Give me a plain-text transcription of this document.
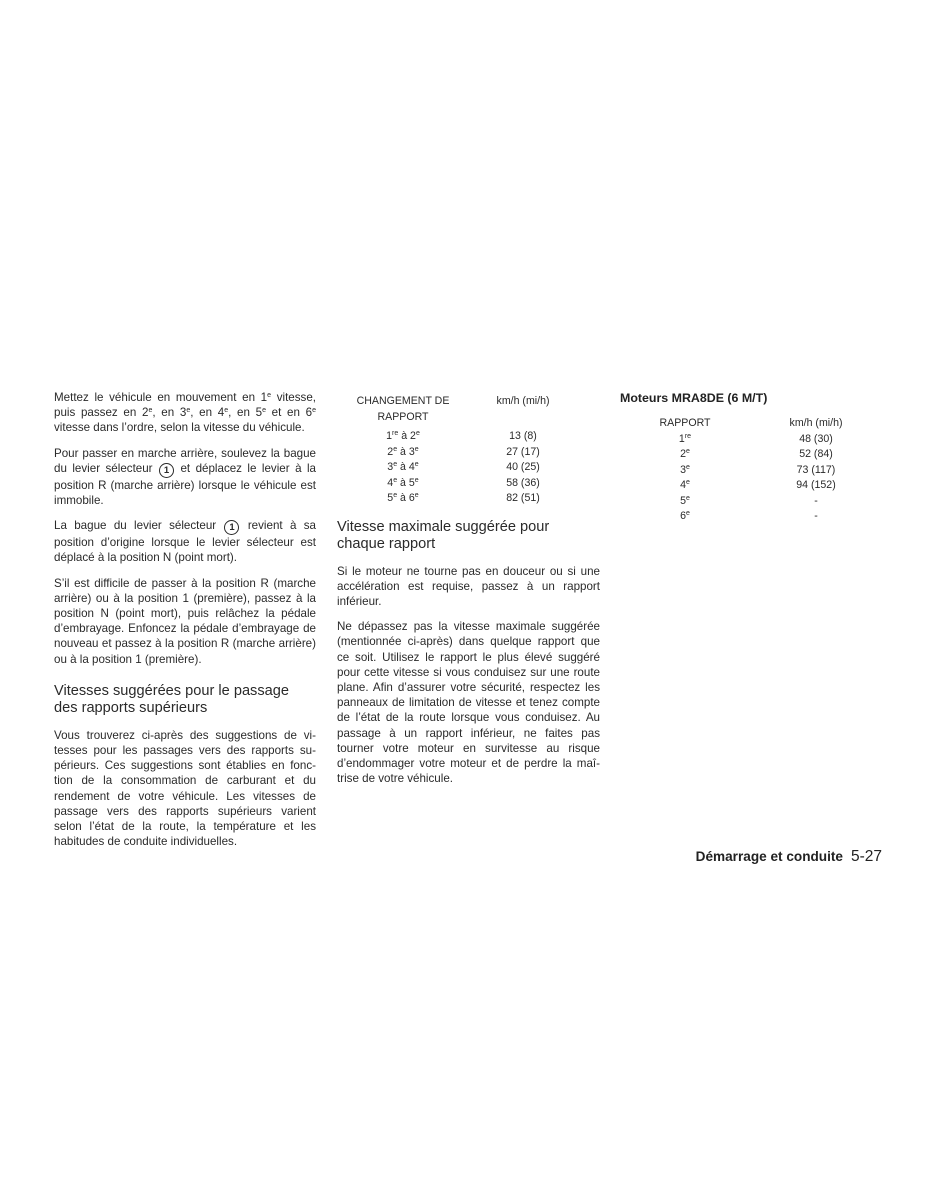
Mettez le véhicule en mouvement en 1e vitesse, puis passez en 2e, en 3e, en 4e, en 5e et en 6e vitesse dans l’ordre, selon la vitesse du véhicule.

Pour passer en marche arrière, soulevez la bague du levier sélecteur 1 et déplacez le levier à la position R (marche arrière) lorsque le véhicule est immobile.

La bague du levier sélecteur 1 revient à sa position d’origine lorsque le levier sélecteur est déplacé à la position N (point mort).

S’il est difficile de passer à la position R (marche arrière) ou à la position 1 (première), passez à la position N (point mort), puis relâchez la pédale d’embrayage. Enfoncez la pédale d’embrayage de nouveau et passez à la position R (marche arrière) ou à la position 1 (première).

Vitesses suggérées pour le passage des rapports supérieurs

Vous trouverez ci-après des suggestions de vitesses pour les passages vers des rapports supérieurs. Ces suggestions sont établies en fonction de la consommation de carburant et du rendement de votre véhicule. Les vitesses de passage vers des rapports supérieurs varient selon l’état de la route, la température et les habitudes de conduite individuelles.

CHANGEMENT DE RAPPORT	km/h (mi/h)
1re à 2e	13 (8)
2e à 3e	27 (17)
3e à 4e	40 (25)
4e à 5e	58 (36)
5e à 6e	82 (51)
Vitesse maximale suggérée pour chaque rapport

Si le moteur ne tourne pas en douceur ou si une accélération est requise, passez à un rapport inférieur.

Ne dépassez pas la vitesse maximale suggérée (mentionnée ci-après) dans quelque rapport que ce soit. Utilisez le rapport le plus élevé suggéré pour cette vitesse si vous conduisez sur une route plane. Afin d’assurer votre sécurité, respectez les panneaux de limitation de vitesse et tenez compte de l’état de la route lorsque vous conduisez. Au passage à un rapport inférieur, ne faites pas tourner votre moteur en survitesse au risque d’endommager votre moteur et de perdre la maîtrise de votre véhicule.

Moteurs MRA8DE (6 M/T)
RAPPORT	km/h (mi/h)
1re	48 (30)
2e	52 (84)
3e	73 (117)
4e	94 (152)
5e	-
6e	-
Démarrage et conduite 5-27
